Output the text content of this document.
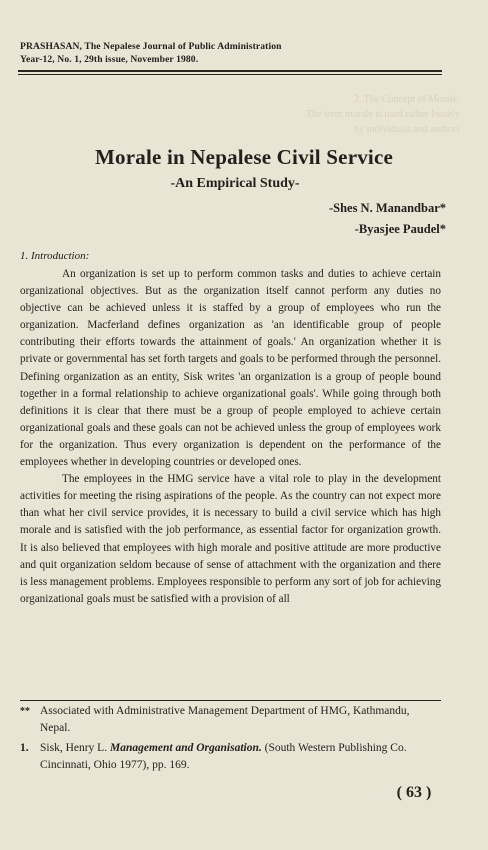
2. The Concept of Morale:
The term morale is used rather loosely
by individuals and authors
PRASHASAN, The Nepalese Journal of Public Administration
Year-12, No. 1, 29th issue, November 1980.
Morale in Nepalese Civil Service
-An Empirical Study-
-Shes N. Manandbar*
-Byasjee Paudel*
1. Introduction:

An organization is set up to perform common tasks and duties to achieve certain organizational objectives. But as the organization itself cannot perform any duties no objective can be achieved unless it is staffed by a group of employees who run the organization. Macferland defines organization as 'an identificable group of people contributing their efforts towards the attainment of goals.' An organization whether it is private or governmental has set forth targets and goals to be performed through the personnel. Defining organization as an entity, Sisk writes 'an organization is a group of people bound together in a formal relationship to achieve organizational goals'. While going through both definitions it is clear that there must be a group of people employed to achieve certain organizational goals and these goals can not be achieved unless the group of employees work for the organization. Thus every organization is dependent on the performance of the employees whether in developing countries or developed ones.

The employees in the HMG service have a vital role to play in the development activities for meeting the rising aspirations of the people. As the country can not expect more than what her civil service provides, it is necessary to build a civil service which has high morale and is satisfied with the job performance, as essential factor for organization growth. It is also believed that employees with high morale and positive attitude are more productive and quit organization seldom because of sense of attachment with the organization and there is less management problems. Employees responsible to perform any sort of job for achieving organizational goals must be satisfied with a provision of all

** Associated with Administrative Management Department of HMG, Kathmandu, Nepal.
1. Sisk, Henry L. Management and Organisation. (South Western Publishing Co. Cincinnati, Ohio 1977), pp. 169.
( 63 )
